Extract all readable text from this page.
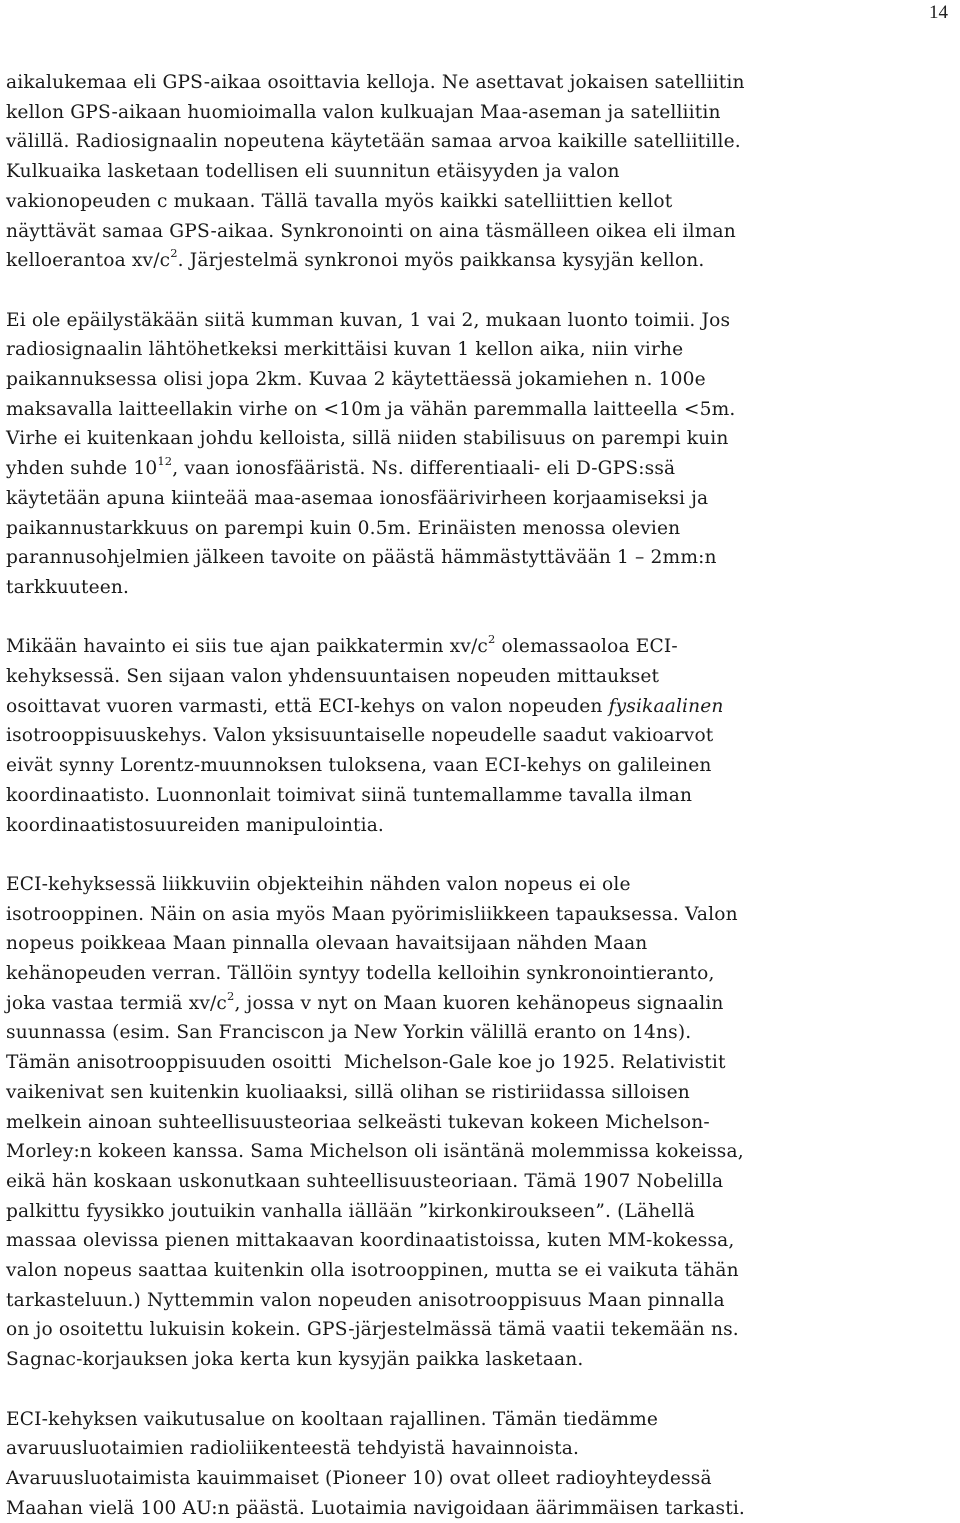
14
aikalukemaa eli GPS-aikaa osoittavia kelloja. Ne asettavat jokaisen satelliitin
kellon GPS-aikaan huomioimalla valon kulkuajan Maa-aseman ja satelliitin
välillä. Radiosignaalin nopeutena käytetään samaa arvoa kaikille satelliitille.
Kulkuaika lasketaan todellisen eli suunnitun etäisyyden ja valon
vakionopeuden c mukaan. Tällä tavalla myös kaikki satelliittien kellot
näyttävät samaa GPS-aikaa. Synkronointi on aina täsmälleen oikea eli ilman
kelloerantoa $xv/c^2$. Järjestelmä synkronoi myös paikkansa kysyjän kellon.
Ei ole epäilystäkään siitä kumman kuvan, 1 vai 2, mukaan luonto toimii. Jos
radiosignaalin lähtöhetkeksi merkittäisi kuvan 1 kellon aika, niin virhe
paikannuksessa olisi jopa 2km. Kuvaa 2 käytettäessä jokamiehen n. 100e
maksavalla laitteellakin virhe on <10m ja vähän paremmalla laitteella <5m.
Virhe ei kuitenkaan johdu kelloista, sillä niiden stabilisuus on parempi kuin
yhden suhde $10^{12}$, vaan ionosfääristä. Ns. differentiaali- eli D-GPS:ssä
käytetään apuna kiinteää maa-asemaa ionosfäärivirheen korjaamiseksi ja
paikannustarkkuus on parempi kuin 0.5m. Erinäisten menossa olevien
parannusohjelmien jälkeen tavoite on päästä hämmästyttävään 1 – 2mm:n
tarkkuuteen.
Mikään havainto ei siis tue ajan paikkatermin $xv/c^2$ olemassaoloa ECI-
kehyksessä. Sen sijaan valon yhdensuuntaisen nopeuden mittaukset
osoittavat vuoren varmasti, että ECI-kehys on valon nopeuden fysikaalinen
isotrooppisuuskehys. Valon yksisuuntaiselle nopeudelle saadut vakioarvot
eivät synny Lorentz-muunnoksen tuloksena, vaan ECI-kehys on galileinen
koordinaatisto. Luonnonlait toimivat siinä tuntemallamme tavalla ilman
koordinaatistosuureiden manipulointia.
ECI-kehyksessä liikkuviin objekteihin nähden valon nopeus ei ole
isotrooppinen. Näin on asia myös Maan pyörimisliikkeen tapauksessa. Valon
nopeus poikkeaa Maan pinnalla olevaan havaitsijaan nähden Maan
kehänopeuden verran. Tällöin syntyy todella kelloihin synkronointieranto,
joka vastaa termiä $xv/c^2$, jossa v nyt on Maan kuoren kehänopeus signaalin
suunnassa (esim. San Franciscon ja New Yorkin välillä eranto on 14ns).
Tämän anisotrooppisuuden osoitti  Michelson-Gale koe jo 1925. Relativistit
vaikenivat sen kuitenkin kuoliaaksi, sillä olihan se ristiriidassa silloisen
melkein ainoan suhteellisuusteoriaa selkeästi tukevan kokeen Michelson-
Morley:n kokeen kanssa. Sama Michelson oli isäntänä molemmissa kokeissa,
eikä hän koskaan uskonutkaan suhteellisuusteoriaan. Tämä 1907 Nobelilla
palkittu fyysikko joutuikin vanhalla iällään ”kirkonkiroukseen”. (Lähellä
massaa olevissa pienen mittakaavan koordinaatistoissa, kuten MM-kokessa,
valon nopeus saattaa kuitenkin olla isotrooppinen, mutta se ei vaikuta tähän
tarkasteluun.) Nyttemmin valon nopeuden anisotrooppisuus Maan pinnalla
on jo osoitettu lukuisin kokein. GPS-järjestelmässä tämä vaatii tekemään ns.
Sagnac-korjauksen joka kerta kun kysyjän paikka lasketaan.
ECI-kehyksen vaikutusalue on kooltaan rajallinen. Tämän tiedämme
avaruusluotaimien radioliikenteestä tehdyistä havainnoista.
Avaruusluotaimista kauimmaiset (Pioneer 10) ovat olleet radioyhteydessä
Maahan vielä 100 AU:n päästä. Luotaimia navigoidaan äärimmäisen tarkasti.
